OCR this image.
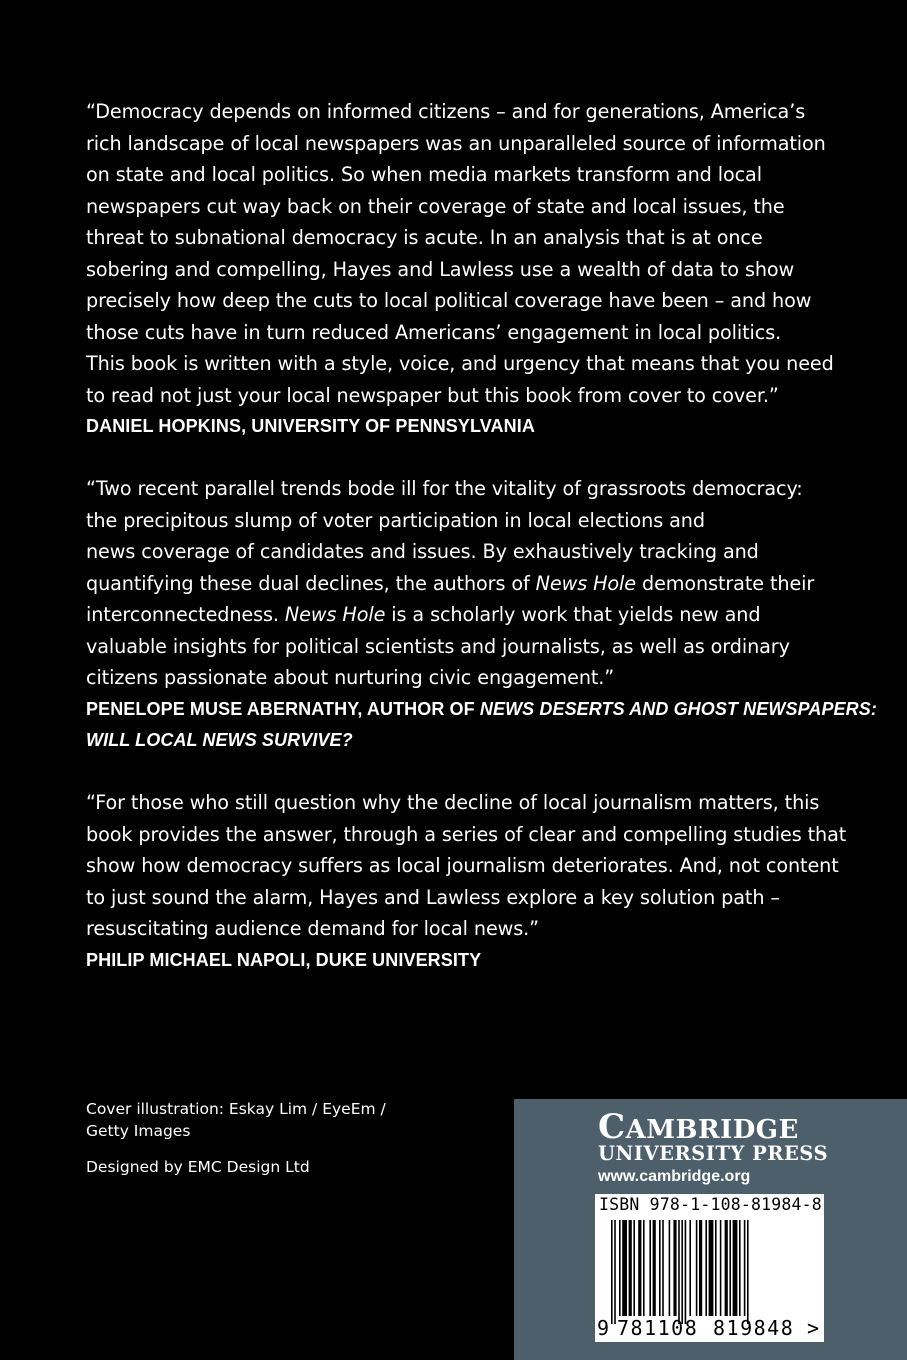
“Democracy depends on informed citizens – and for generations, America’s
rich landscape of local newspapers was an unparalleled source of information
on state and local politics. So when media markets transform and local
newspapers cut way back on their coverage of state and local issues, the
threat to subnational democracy is acute. In an analysis that is at once
sobering and compelling, Hayes and Lawless use a wealth of data to show
precisely how deep the cuts to local political coverage have been – and how
those cuts have in turn reduced Americans’ engagement in local politics.
This book is written with a style, voice, and urgency that means that you need
to read not just your local newspaper but this book from cover to cover.”

DANIEL HOPKINS, UNIVERSITY OF PENNSYLVANIA

“Two recent parallel trends bode ill for the vitality of grassroots democracy:
the precipitous slump of voter participation in local elections and
news coverage of candidates and issues. By exhaustively tracking and
quantifying these dual declines, the authors of News Hole demonstrate their
interconnectedness. News Hole is a scholarly work that yields new and
valuable insights for political scientists and journalists, as well as ordinary
citizens passionate about nurturing civic engagement.”

PENELOPE MUSE ABERNATHY, AUTHOR OF NEWS DESERTS AND GHOST NEWSPAPERS:
WILL LOCAL NEWS SURVIVE?

“For those who still question why the decline of local journalism matters, this
book provides the answer, through a series of clear and compelling studies that
show how democracy suffers as local journalism deteriorates. And, not content
to just sound the alarm, Hayes and Lawless explore a key solution path –
resuscitating audience demand for local news.”

PHILIP MICHAEL NAPOLI, DUKE UNIVERSITY
Cover illustration: Eskay Lim / EyeEm /
Getty Images
Designed by EMC Design Ltd
CAMBRIDGE
UNIVERSITY PRESS
www.cambridge.org
ISBN 978-1-108-81984-8
9 781108 819848 >
